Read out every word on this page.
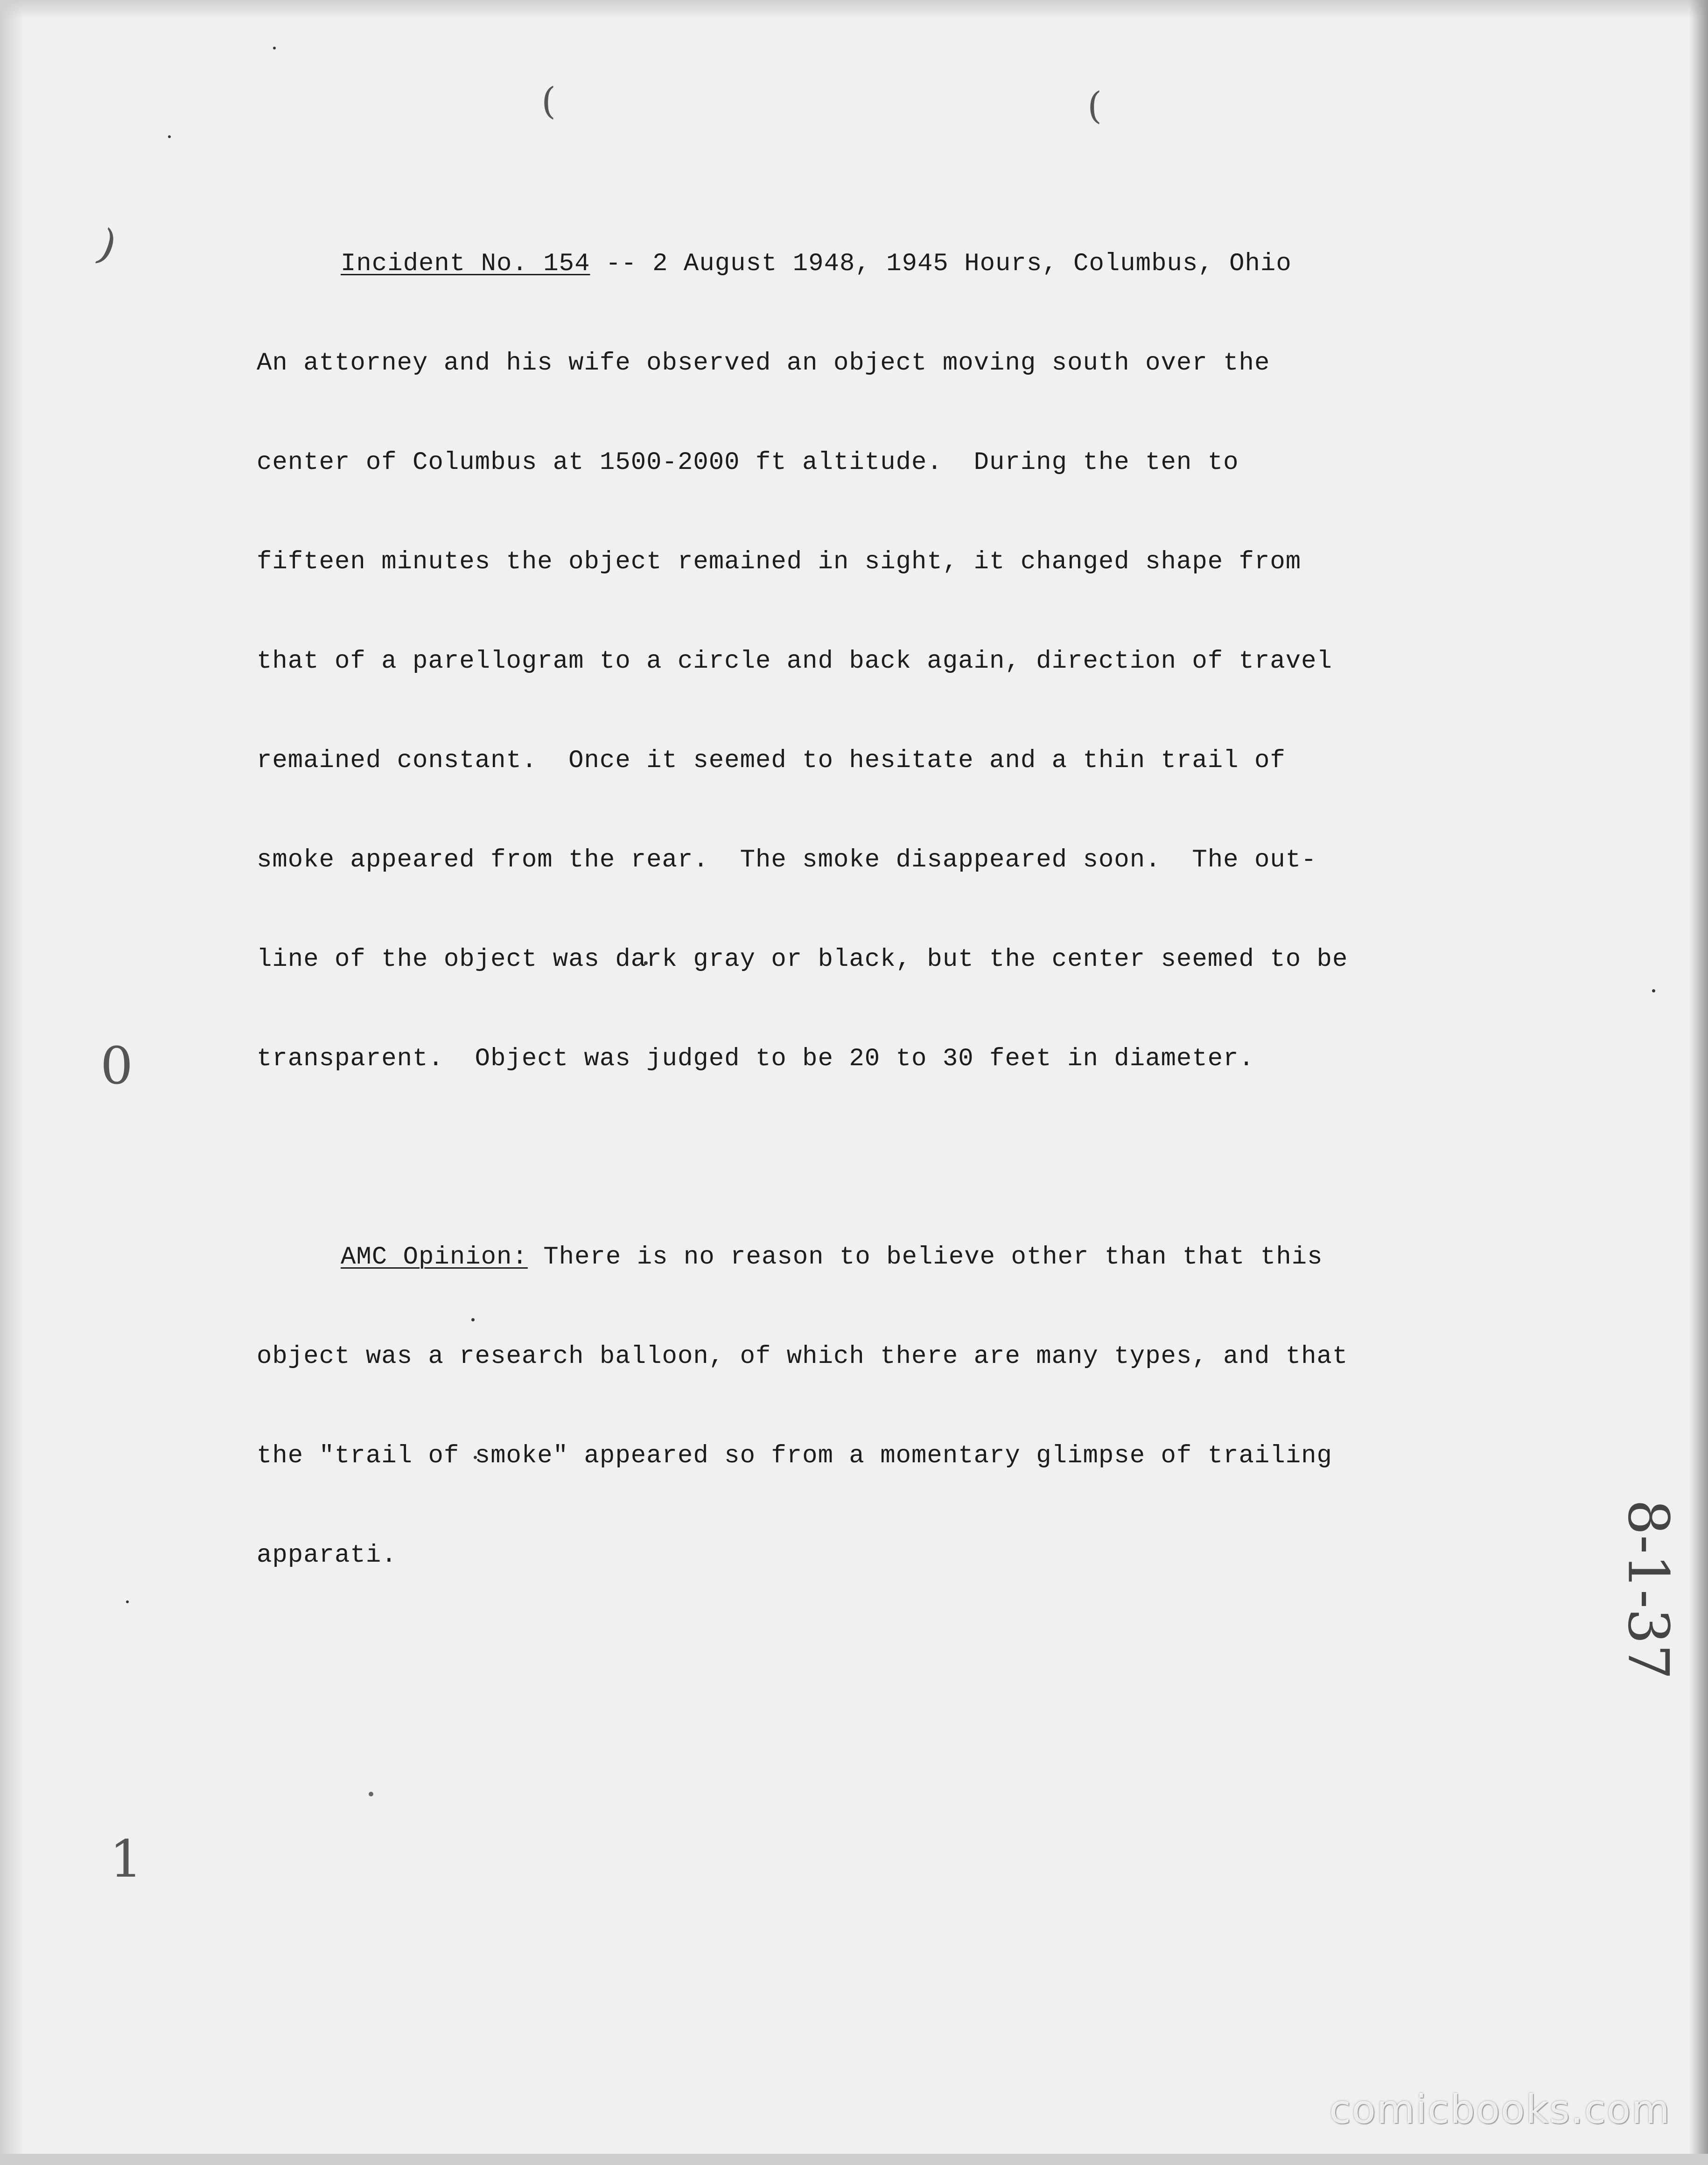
(	(
(
0
1

Incident No. 154 -- 2 August 1948, 1945 Hours, Columbus, Ohio

An attorney and his wife observed an object moving south over the

center of Columbus at 1500-2000 ft altitude.  During the ten to

fifteen minutes the object remained in sight, it changed shape from

that of a parellogram to a circle and back again, direction of travel

remained constant.  Once it seemed to hesitate and a thin trail of

smoke appeared from the rear.  The smoke disappeared soon.  The out-

line of the object was dark gray or black, but the center seemed to be

transparent.  Object was judged to be 20 to 30 feet in diameter.

AMC Opinion: There is no reason to believe other than that this

object was a research balloon, of which there are many types, and that

the "trail of smoke" appeared so from a momentary glimpse of trailing

apparati.

	8-1-37
comicbooks.com
